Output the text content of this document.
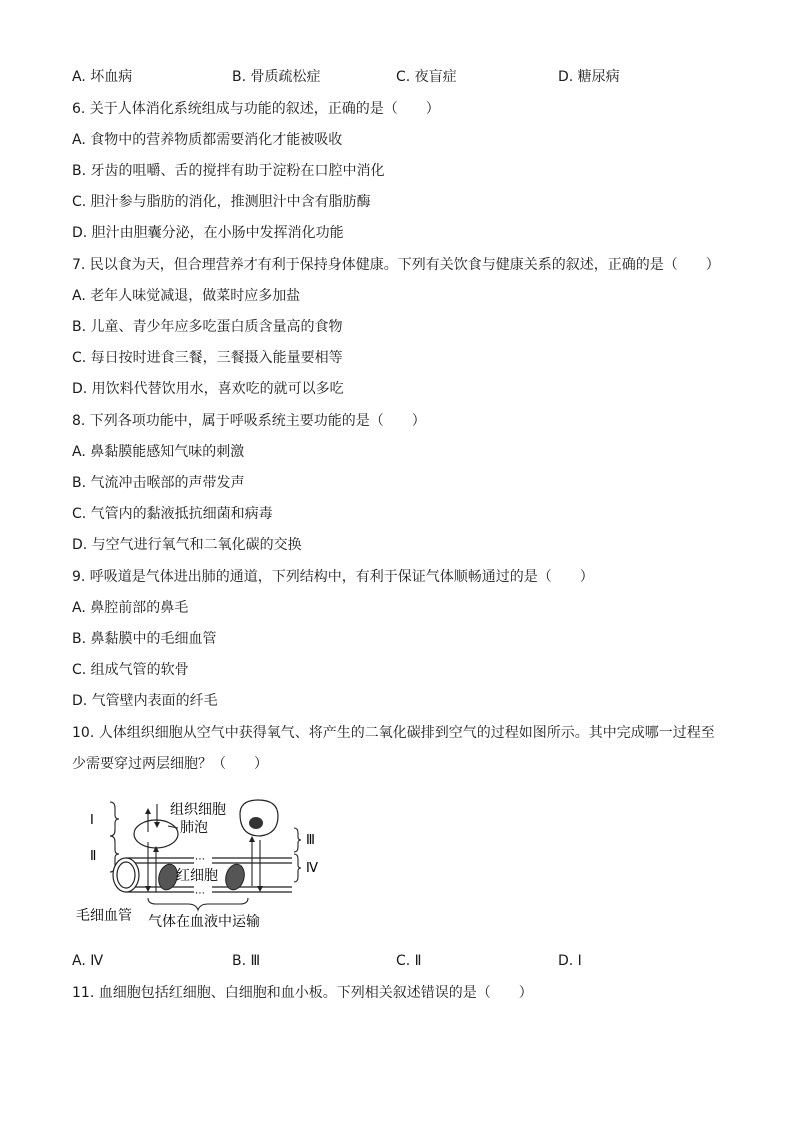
A. 坏血病	B. 骨质疏松症	C. 夜盲症	D. 糖尿病
6. 关于人体消化系统组成与功能的叙述，正确的是（　　）
A. 食物中的营养物质都需要消化才能被吸收
B. 牙齿的咀嚼、舌的搅拌有助于淀粉在口腔中消化
C. 胆汁参与脂肪的消化，推测胆汁中含有脂肪酶
D. 胆汁由胆囊分泌，在小肠中发挥消化功能
7. 民以食为天，但合理营养才有利于保持身体健康。下列有关饮食与健康关系的叙述，正确的是（　　）
A. 老年人味觉减退，做菜时应多加盐
B. 儿童、青少年应多吃蛋白质含量高的食物
C. 每日按时进食三餐，三餐摄入能量要相等
D. 用饮料代替饮用水，喜欢吃的就可以多吃
8. 下列各项功能中，属于呼吸系统主要功能的是（　　）
A. 鼻黏膜能感知气味的刺激
B. 气流冲击喉部的声带发声
C. 气管内的黏液抵抗细菌和病毒
D. 与空气进行氧气和二氧化碳的交换
9. 呼吸道是气体进出肺的通道，下列结构中，有利于保证气体顺畅通过的是（　　）
A. 鼻腔前部的鼻毛
B. 鼻黏膜中的毛细血管
C. 组成气管的软骨
D. 气管壁内表面的纤毛
10. 人体组织细胞从空气中获得氧气、将产生的二氧化碳排到空气的过程如图所示。其中完成哪一过程至
少需要穿过两层细胞？（　　）
Ⅰ
Ⅱ
组织细胞
肺泡
Ⅲ
Ⅳ
⋯
⋯
红细胞
毛细血管 气体在血液中运输
A. Ⅳ	B. Ⅲ	C. Ⅱ	D. Ⅰ
11. 血细胞包括红细胞、白细胞和血小板。下列相关叙述错误的是（　　）
